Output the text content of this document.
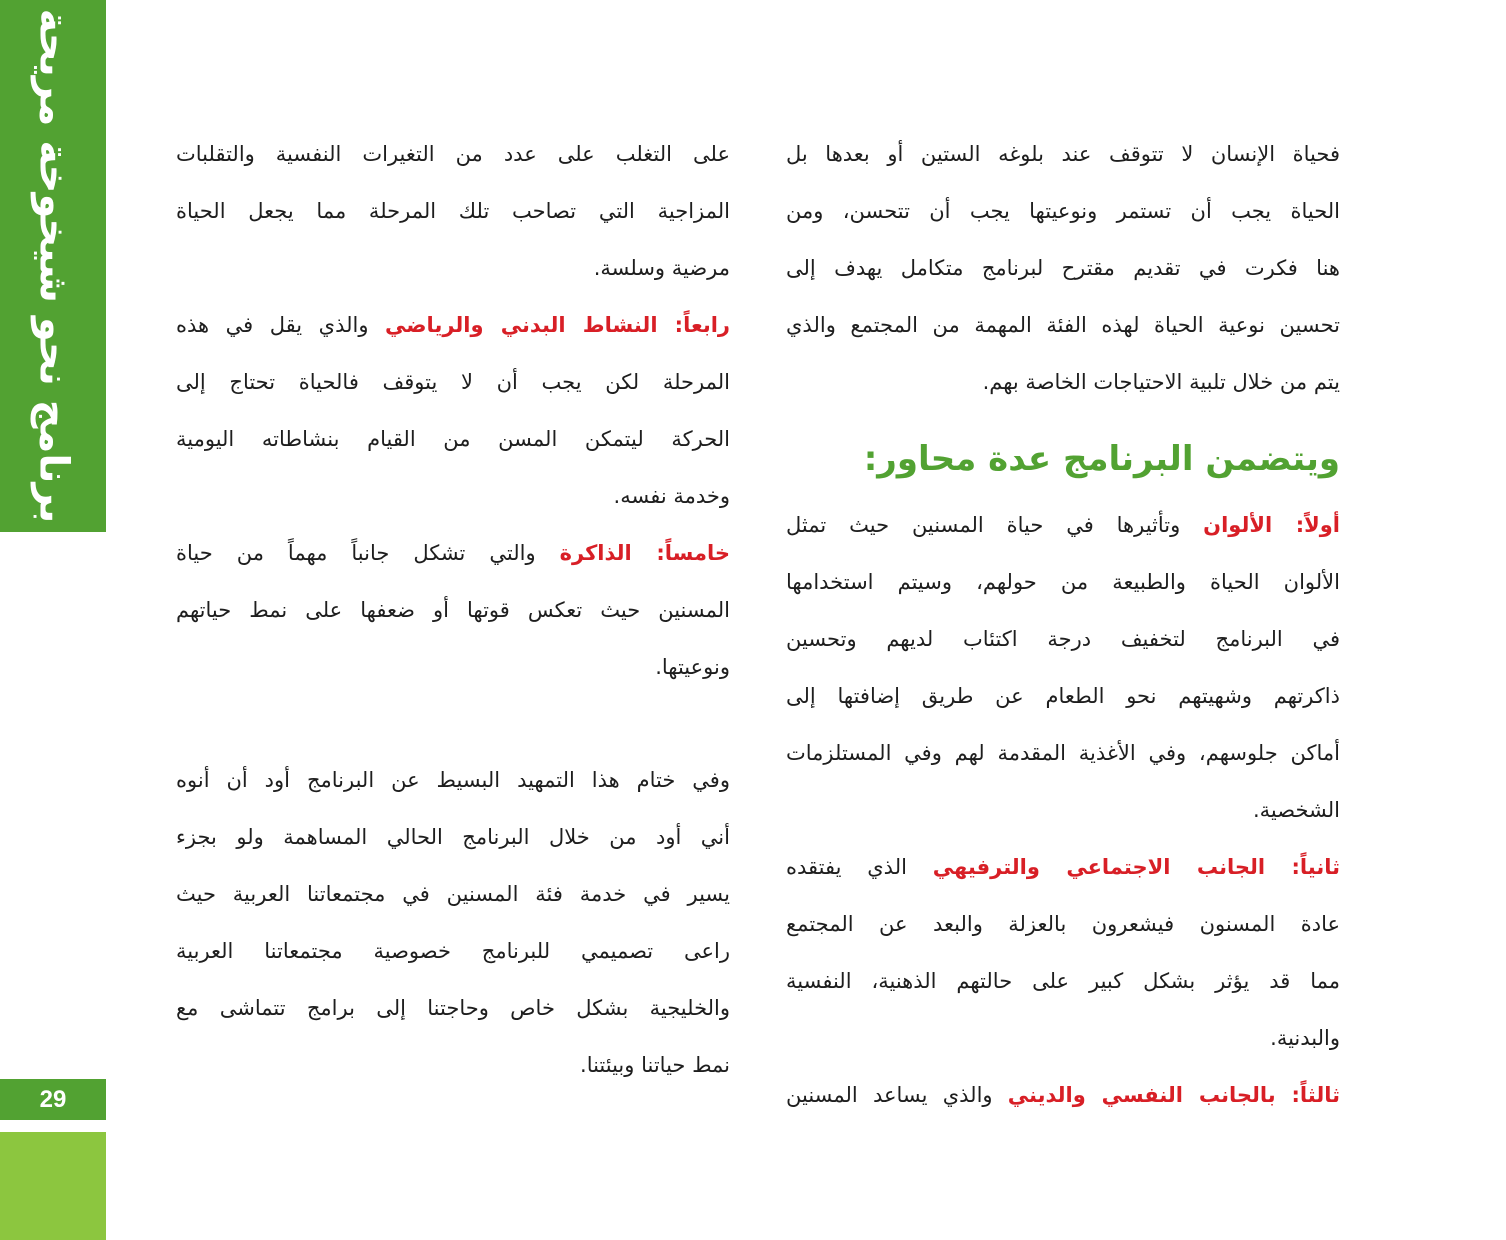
برنامج نحو شيخوخة مريحة
29
فحياة الإنسان لا تتوقف عند بلوغه الستين أو بعدها بل
الحياة يجب أن تستمر ونوعيتها يجب أن تتحسن، ومن
هنا فكرت في تقديم مقترح لبرنامج متكامل يهدف إلى
تحسين نوعية الحياة لهذه الفئة المهمة من المجتمع والذي
يتم من خلال تلبية الاحتياجات الخاصة بهم.
ويتضمن البرنامج عدة محاور:
أولاً: الألوان وتأثيرها في حياة المسنين حيث تمثل
الألوان الحياة والطبيعة من حولهم، وسيتم استخدامها
في البرنامج لتخفيف درجة اكتئاب لديهم وتحسين
ذاكرتهم وشهيتهم نحو الطعام عن طريق إضافتها إلى
أماكن جلوسهم، وفي الأغذية المقدمة لهم وفي المستلزمات
الشخصية.
ثانياً: الجانب الاجتماعي والترفيهي الذي يفتقده
عادة المسنون فيشعرون بالعزلة والبعد عن المجتمع
مما قد يؤثر بشكل كبير على حالتهم الذهنية، النفسية
والبدنية.
ثالثاً: بالجانب النفسي والديني والذي يساعد المسنين
على التغلب على عدد من التغيرات النفسية والتقلبات
المزاجية التي تصاحب تلك المرحلة مما يجعل الحياة
مرضية وسلسة.
رابعاً: النشاط البدني والرياضي والذي يقل في هذه
المرحلة لكن يجب أن لا يتوقف فالحياة تحتاج إلى
الحركة ليتمكن المسن من القيام بنشاطاته اليومية
وخدمة نفسه.
خامساً: الذاكرة والتي تشكل جانباً مهماً من حياة
المسنين حيث تعكس قوتها أو ضعفها على نمط حياتهم
ونوعيتها.
وفي ختام هذا التمهيد البسيط عن البرنامج أود أن أنوه
أني أود من خلال البرنامج الحالي المساهمة ولو بجزء
يسير في خدمة فئة المسنين في مجتمعاتنا العربية حيث
راعى تصميمي للبرنامج خصوصية مجتمعاتنا العربية
والخليجية بشكل خاص وحاجتنا إلى برامج تتماشى مع
نمط حياتنا وبيئتنا.
